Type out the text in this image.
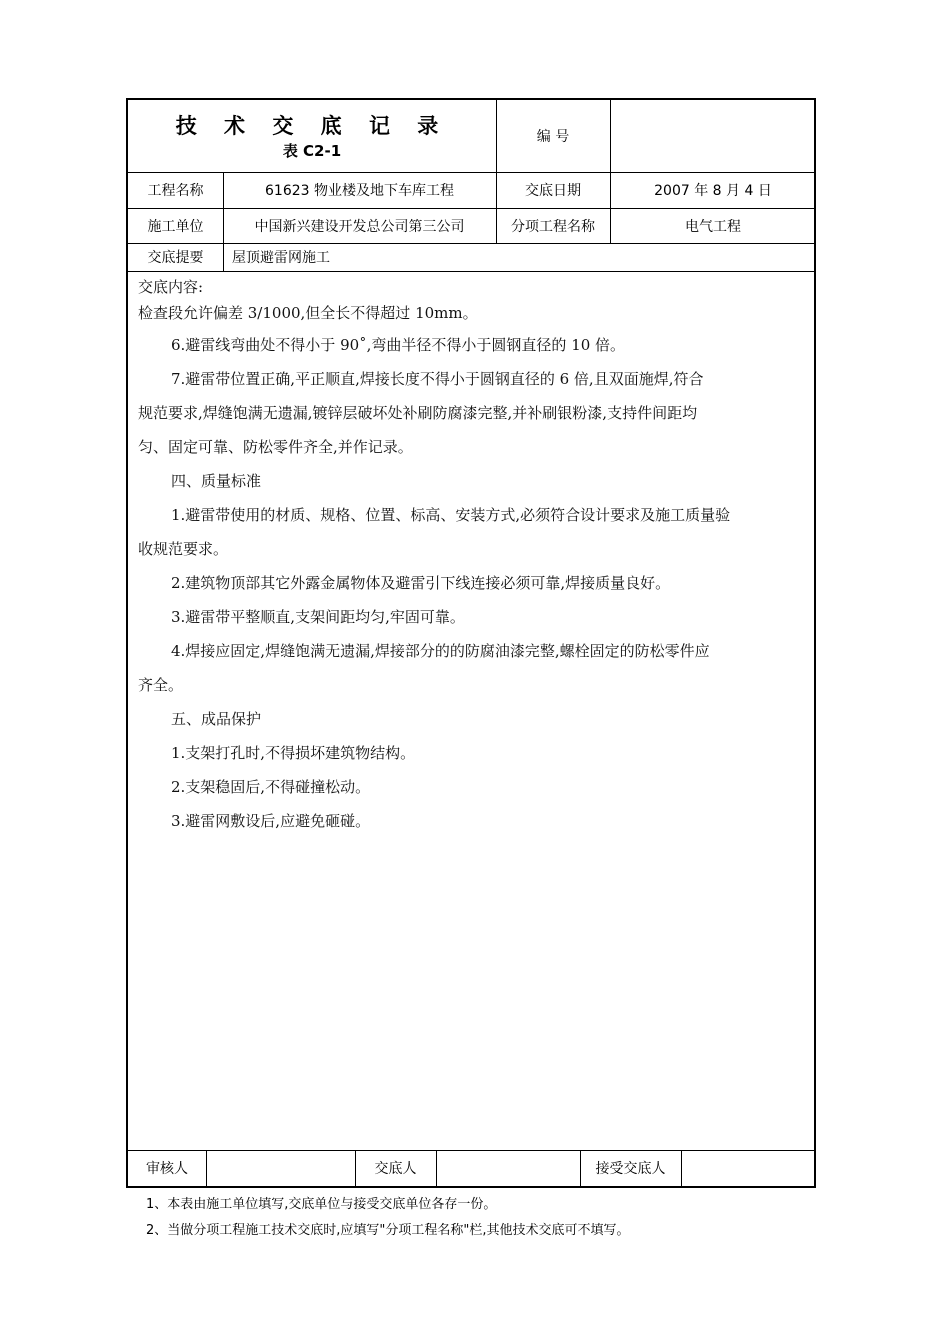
技 术 交 底 记 录
表 C2-1
编 号
工程名称	61623 物业楼及地下车库工程	交底日期	2007 年 8 月 4 日
施工单位	中国新兴建设开发总公司第三公司	分项工程名称	电气工程
交底提要	屋顶避雷网施工
交底内容:
检查段允许偏差 3/1000,但全长不得超过 10mm。
6.避雷线弯曲处不得小于 90˚,弯曲半径不得小于圆钢直径的 10 倍。
7.避雷带位置正确,平正顺直,焊接长度不得小于圆钢直径的 6 倍,且双面施焊,符合
规范要求,焊缝饱满无遗漏,镀锌层破坏处补刷防腐漆完整,并补刷银粉漆,支持件间距均
匀、固定可靠、防松零件齐全,并作记录。
四、质量标准
1.避雷带使用的材质、规格、位置、标高、安装方式,必须符合设计要求及施工质量验
收规范要求。
2.建筑物顶部其它外露金属物体及避雷引下线连接必须可靠,焊接质量良好。
3.避雷带平整顺直,支架间距均匀,牢固可靠。
4.焊接应固定,焊缝饱满无遗漏,焊接部分的的防腐油漆完整,螺栓固定的防松零件应
齐全。
五、成品保护
1.支架打孔时,不得损坏建筑物结构。
2.支架稳固后,不得碰撞松动。
3.避雷网敷设后,应避免砸碰。
审核人	交底人	接受交底人
1、本表由施工单位填写,交底单位与接受交底单位各存一份。
2、当做分项工程施工技术交底时,应填写"分项工程名称"栏,其他技术交底可不填写。
